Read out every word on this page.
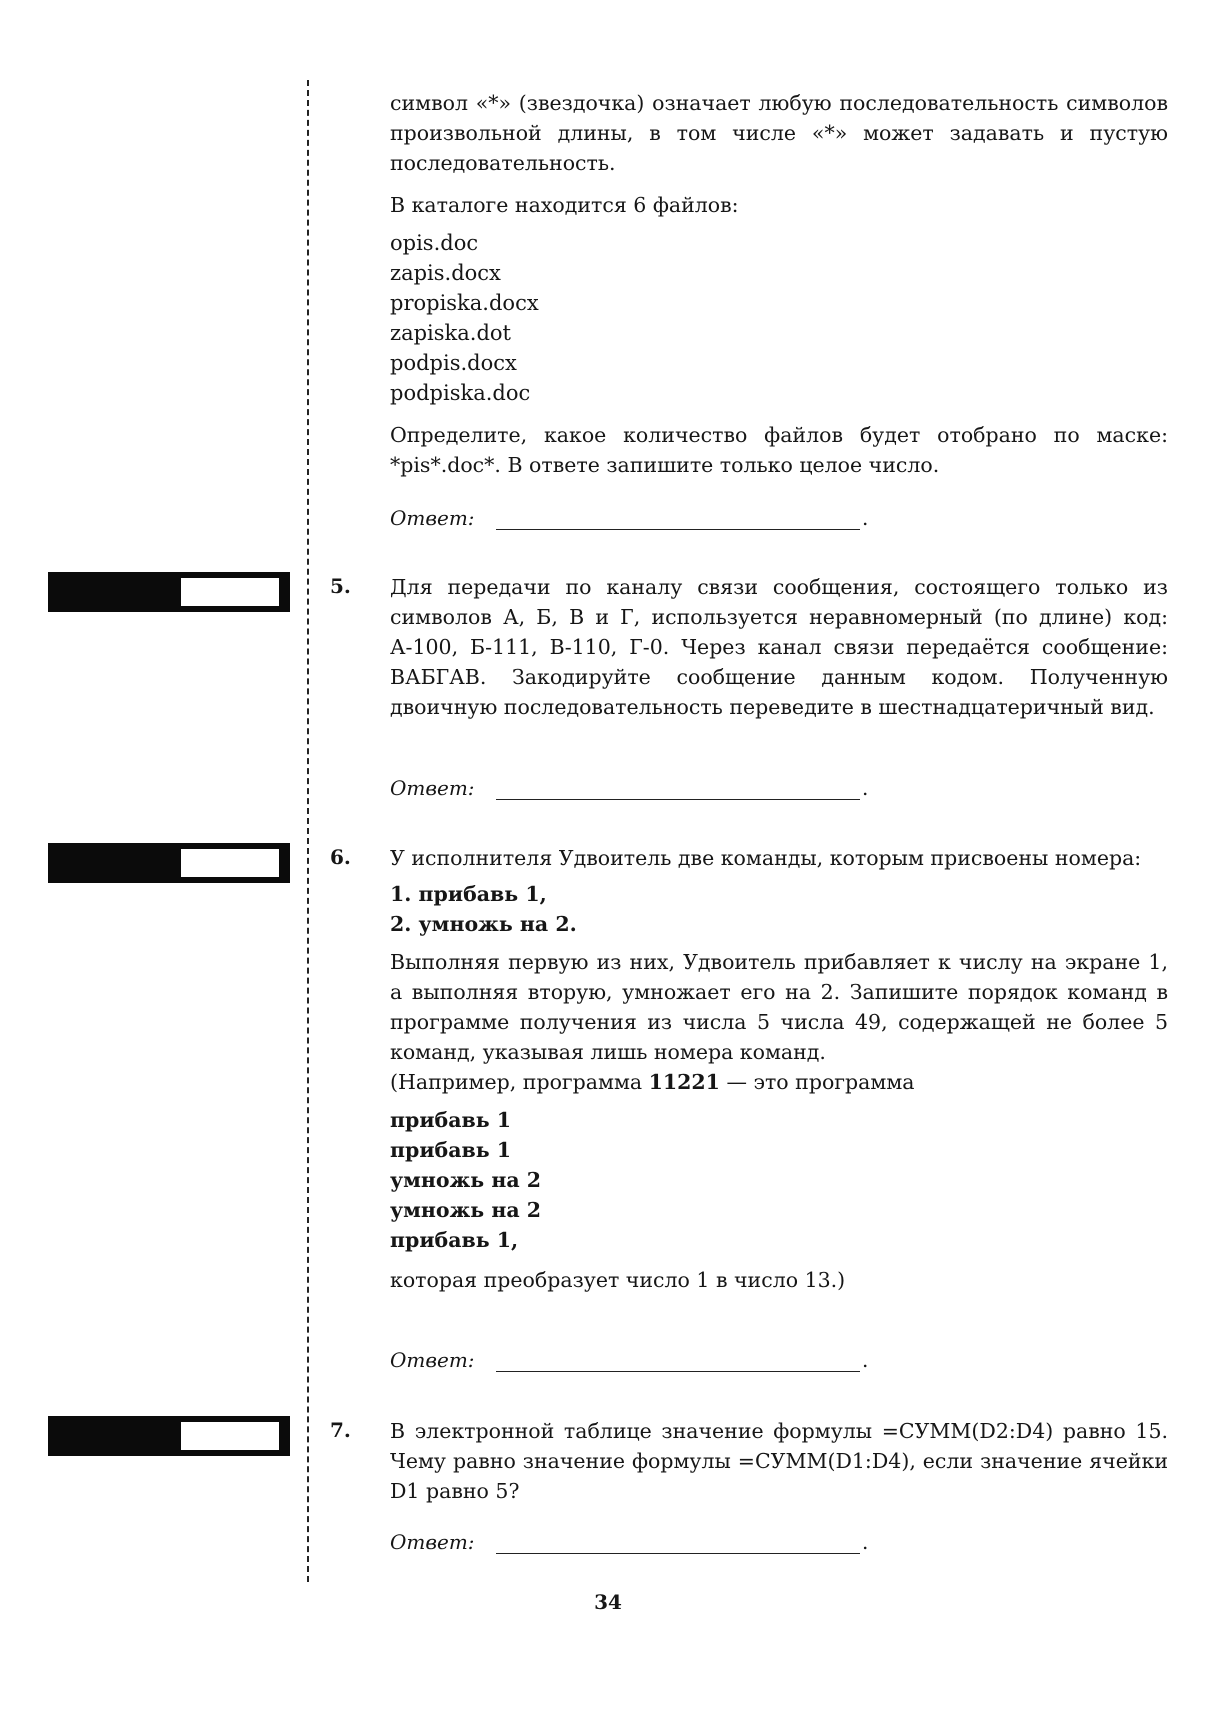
символ «*» (звездочка) означает любую последовательность символов произвольной длины, в том числе «*» может задавать и пустую последовательность.

В каталоге находится 6 файлов:

opis.doc
zapis.docx
propiska.docx
zapiska.dot
podpis.docx
podpiska.doc

Определите, какое количество файлов будет отобрано по маске: *pis*.doc*. В ответе запишите только целое число.

Ответ:	.
5. Для передачи по каналу связи сообщения, состоящего только из символов А, Б, В и Г, используется неравномерный (по длине) код: А-100, Б-111, В-110, Г-0. Через канал связи передаётся сообщение: ВАБГАВ. Закодируйте сообщение данным кодом. Полученную двоичную последовательность переведите в шестнадцатеричный вид.

Ответ:	.
6. У исполнителя Удвоитель две команды, которым присвоены номера:

1. прибавь 1,
2. умножь на 2.

Выполняя первую из них, Удвоитель прибавляет к числу на экране 1, а выполняя вторую, умножает его на 2. Запишите порядок команд в программе получения из числа 5 числа 49, содержащей не более 5 команд, указывая лишь номера команд.

(Например, программа 11221 — это программа

прибавь 1
прибавь 1
умножь на 2
умножь на 2
прибавь 1,

которая преобразует число 1 в число 13.)

Ответ:	.
7. В электронной таблице значение формулы =СУММ(D2:D4) равно 15. Чему равно значение формулы =СУММ(D1:D4), если значение ячейки D1 равно 5?

Ответ:	.
34
